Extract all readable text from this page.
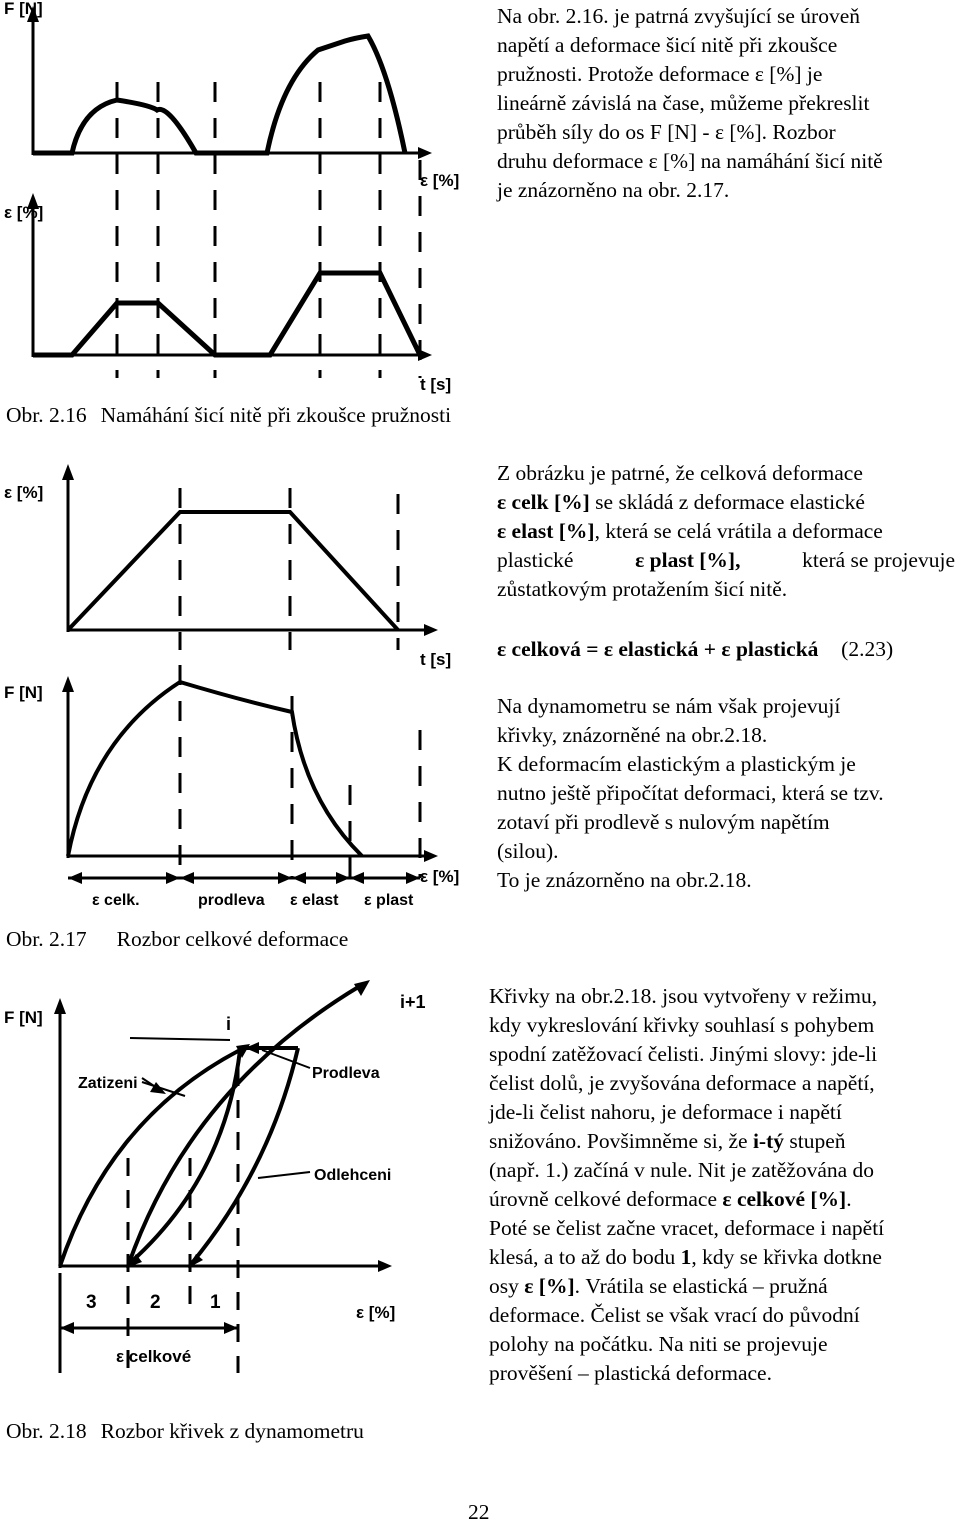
F [N]
ε [%]
ε [%]
t [s]
Na obr. 2.16. je patrná zvyšující se úroveň
napětí a deformace šicí nitě při zkoušce
pružnosti. Protože deformace ε [%] je
lineárně závislá na čase, můžeme překreslit
průběh síly do os F [N] - ε [%]. Rozbor
druhu deformace ε [%] na namáhání šicí nitě
je znázorněno na obr. 2.17.
Obr. 2.16 Namáhání šicí nitě při zkoušce pružnosti
ε [%]
t [s]
F [N]
ε [%]
ε celk.	prodleva ε elast ε plast
Z obrázku je patrné, že celková deformace
ε celk [%] se skládá z deformace elastické
ε elast [%], která se celá vrátila a deformace
plastické	ε plast [%],	která se projevuje
zůstatkovým protažením šicí nitě.
ε celková = ε elastická + ε plastická (2.23)
Na dynamometru se nám však projevují
křivky, znázorněné na obr.2.18.
K deformacím elastickým a plastickým je
nutno ještě připočítat deformaci, která se tzv.
zotaví při prodlevě s nulovým napětím
(silou).
To je znázorněno na obr.2.18.
Obr. 2.17 Rozbor celkové deformace
F [N]	i
i+1
Zatizeni
Prodleva
Odlehceni
3	2	1	ε [%]
ε celkové
Křivky na obr.2.18. jsou vytvořeny v režimu,
kdy vykreslování křivky souhlasí s pohybem
spodní zatěžovací čelisti. Jinými slovy: jde-li
čelist dolů, je zvyšována deformace a napětí,
jde-li čelist nahoru, je deformace i napětí
snižováno. Povšimněme si, že i-tý stupeň
(např. 1.) začíná v nule. Nit je zatěžována do
úrovně celkové deformace ε celkové [%].
Poté se čelist začne vracet, deformace i napětí
klesá, a to až do bodu 1, kdy se křivka dotkne
osy ε [%]. Vrátila se elastická – pružná
deformace. Čelist se však vrací do původní
polohy na počátku. Na niti se projevuje
prověšení – plastická deformace.
Obr. 2.18 Rozbor křivek z dynamometru
22
